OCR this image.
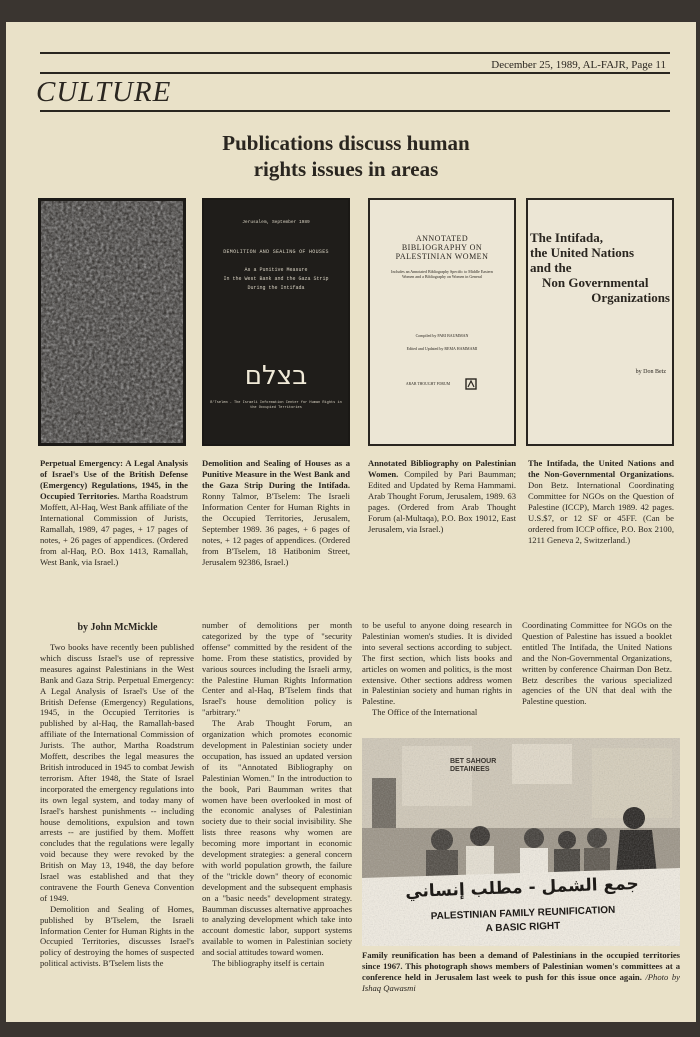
December 25, 1989, AL-FAJR, Page 11
CULTURE
Publications discuss human
rights issues in areas
Jerusalem, September 1989
DEMOLITION AND SEALING OF HOUSES
As a Punitive Measure
In the West Bank and the Gaza Strip
During the Intifada
בצלם
B'Tselem - The Israeli Information Center for Human Rights in the Occupied Territories
ANNOTATED
BIBLIOGRAPHY ON
PALESTINIAN WOMEN
Includes an Annotated Bibliography Specific to Middle Eastern Women and a Bibliography on Women in General
Compiled by PARI BAUMMAN
Edited and Updated by REMA HAMMAMI
ARAB THOUGHT FORUM
The Intifada,
the United Nations
and the
Non Governmental
Organizations
by Don Betz
Perpetual Emergency: A Legal Analysis of Israel's Use of the British Defense (Emergency) Regulations, 1945, in the Occupied Territories. Martha Roadstrum Moffett, Al-Haq, West Bank affiliate of the International Commission of Jurists, Ramallah, 1989, 47 pages, + 17 pages of notes, + 26 pages of appendices. (Ordered from al-Haq, P.O. Box 1413, Ramallah, West Bank, via Israel.)
Demolition and Sealing of Houses as a Punitive Measure in the West Bank and the Gaza Strip During the Intifada. Ronny Talmor, B'Tselem: The Israeli Information Center for Human Rights in the Occupied Territories, Jerusalem, September 1989. 36 pages, + 6 pages of notes, + 12 pages of appendices. (Ordered from B'Tselem, 18 Hatibonim Street, Jerusalem 92386, Israel.)
Annotated Bibliography on Palestinian Women. Compiled by Pari Baumman; Edited and Updated by Rema Hammami. Arab Thought Forum, Jerusalem, 1989. 63 pages. (Ordered from Arab Thought Forum (al-Multaqa), P.O. Box 19012, East Jerusalem, via Israel.)
The Intifada, the United Nations and the Non-Governmental Organizations. Don Betz. International Coordinating Committee for NGOs on the Question of Palestine (ICCP), March 1989. 42 pages. U.S.$7, or 12 SF or 45FF. (Can be ordered from ICCP office, P.O. Box 2100, 1211 Geneva 2, Switzerland.)
by John McMickle

Two books have recently been published which discuss Israel's use of repressive measures against Palestinians in the West Bank and Gaza Strip. Perpetual Emergency: A Legal Analysis of Israel's Use of the British Defense (Emergency) Regulations, 1945, in the Occupied Territories is published by al-Haq, the Ramallah-based affiliate of the International Commission of Jurists. The author, Martha Roadstrum Moffett, describes the legal measures the British introduced in 1945 to combat Jewish terrorism. After 1948, the State of Israel incorporated the emergency regulations into its own legal system, and today many of Israel's harshest punishments -- including house demolitions, expulsion and town arrests -- are justified by them. Moffett concludes that the regulations were legally void because they were revoked by the British on May 13, 1948, the day before Israel was established and that they contravene the Fourth Geneva Convention of 1949.

Demolition and Sealing of Homes, published by B'Tselem, the Israeli Information Center for Human Rights in the Occupied Territories, discusses Israel's policy of destroying the homes of suspected political activists. B'Tselem lists the

number of demolitions per month categorized by the type of "security offense" committed by the resident of the home. From these statistics, provided by various sources including the Israeli army, the Palestine Human Rights Information Center and al-Haq, B'Tselem finds that Israel's house demolition policy is "arbitrary."

The Arab Thought Forum, an organization which promotes economic development in Palestinian society under occupation, has issued an updated version of its "Annotated Bibliography on Palestinian Women." In the introduction to the book, Pari Baumman writes that women have been overlooked in most of the economic analyses of Palestinian society due to their social invisibility. She lists three reasons why women are becoming more important in economic development strategies: a general concern with world population growth, the failure of the "trickle down" theory of economic development and the subsequent emphasis on a "basic needs" development strategy. Baumman discusses alternative approaches to analyzing development which take into account domestic labor, support systems available to women in Palestinian society and social attitudes toward women.

The bibliography itself is certain

to be useful to anyone doing research in Palestinian women's studies. It is divided into several sections according to subject. The first section, which lists books and articles on women and politics, is the most extensive. Other sections address women in Palestinian society and human rights in Palestine.

The Office of the International

Coordinating Committee for NGOs on the Question of Palestine has issued a booklet entitled The Intifada, the United Nations and the Non-Governmental Organizations, written by conference Chairman Don Betz. Betz describes the various specialized agencies of the UN that deal with the Palestine question.

BET SAHOUR DETAINEES
جمع الشمل - مطلب إنساني
PALESTINIAN FAMILY REUNIFICATION
A BASIC RIGHT
Family reunification has been a demand of Palestinians in the occupied territories since 1967. This photograph shows members of Palestinian women's committees at a conference held in Jerusalem last week to push for this issue once again. /Photo by Ishaq Qawasmi
